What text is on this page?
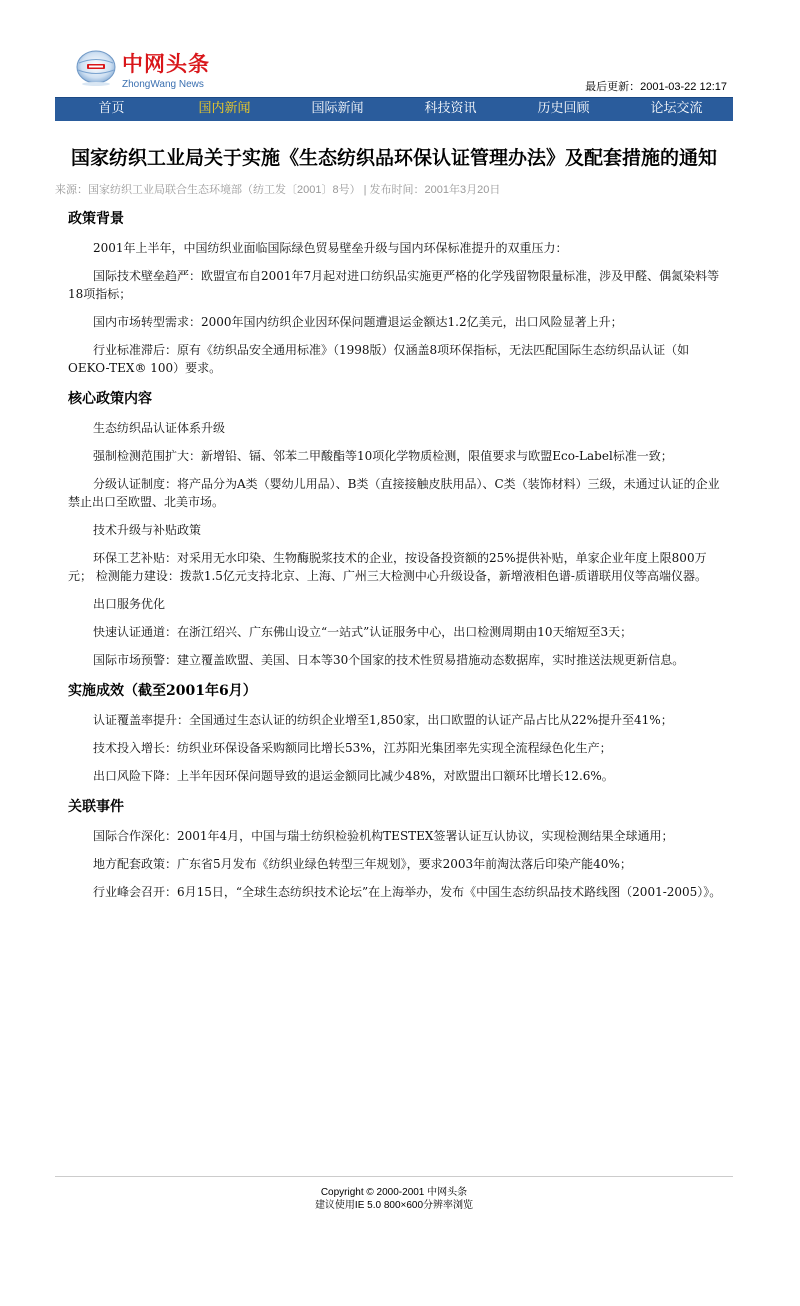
中网头条
ZhongWang News	最后更新：2001-03-22 12:17
首页	国内新闻	国际新闻	科技资讯	历史回顾	论坛交流
国家纺织工业局关于实施《生态纺织品环保认证管理办法》及配套措施的通知
来源：国家纺织工业局联合生态环境部（纺工发〔2001〕8号） | 发布时间：2001年3月20日
政策背景
2001年上半年，中国纺织业面临国际绿色贸易壁垒升级与国内环保标准提升的双重压力：
国际技术壁垒趋严：欧盟宣布自2001年7月起对进口纺织品实施更严格的化学残留物限量标准，涉及甲醛、偶氮染料等18项指标；
国内市场转型需求：2000年国内纺织企业因环保问题遭退运金额达1.2亿美元，出口风险显著上升；
行业标准滞后：原有《纺织品安全通用标准》（1998版）仅涵盖8项环保指标，无法匹配国际生态纺织品认证（如OEKO-TEX® 100）要求。
核心政策内容
生态纺织品认证体系升级
强制检测范围扩大：新增铅、镉、邻苯二甲酸酯等10项化学物质检测，限值要求与欧盟Eco-Label标准一致；
分级认证制度：将产品分为A类（婴幼儿用品）、B类（直接接触皮肤用品）、C类（装饰材料）三级，未通过认证的企业禁止出口至欧盟、北美市场。
技术升级与补贴政策
环保工艺补贴：对采用无水印染、生物酶脱浆技术的企业，按设备投资额的25%提供补贴，单家企业年度上限800万元； 检测能力建设：拨款1.5亿元支持北京、上海、广州三大检测中心升级设备，新增液相色谱-质谱联用仪等高端仪器。
出口服务优化
快速认证通道：在浙江绍兴、广东佛山设立“一站式”认证服务中心，出口检测周期由10天缩短至3天；
国际市场预警：建立覆盖欧盟、美国、日本等30个国家的技术性贸易措施动态数据库，实时推送法规更新信息。
实施成效（截至2001年6月）
认证覆盖率提升：全国通过生态认证的纺织企业增至1,850家，出口欧盟的认证产品占比从22%提升至41%；
技术投入增长：纺织业环保设备采购额同比增长53%，江苏阳光集团率先实现全流程绿色化生产；
出口风险下降：上半年因环保问题导致的退运金额同比减少48%，对欧盟出口额环比增长12.6%。
关联事件
国际合作深化：2001年4月，中国与瑞士纺织检验机构TESTEX签署认证互认协议，实现检测结果全球通用；
地方配套政策：广东省5月发布《纺织业绿色转型三年规划》，要求2003年前淘汰落后印染产能40%；
行业峰会召开：6月15日，“全球生态纺织技术论坛”在上海举办，发布《中国生态纺织品技术路线图（2001-2005）》。
Copyright © 2000-2001 中网头条
建议使用IE 5.0 800×600分辨率浏览
